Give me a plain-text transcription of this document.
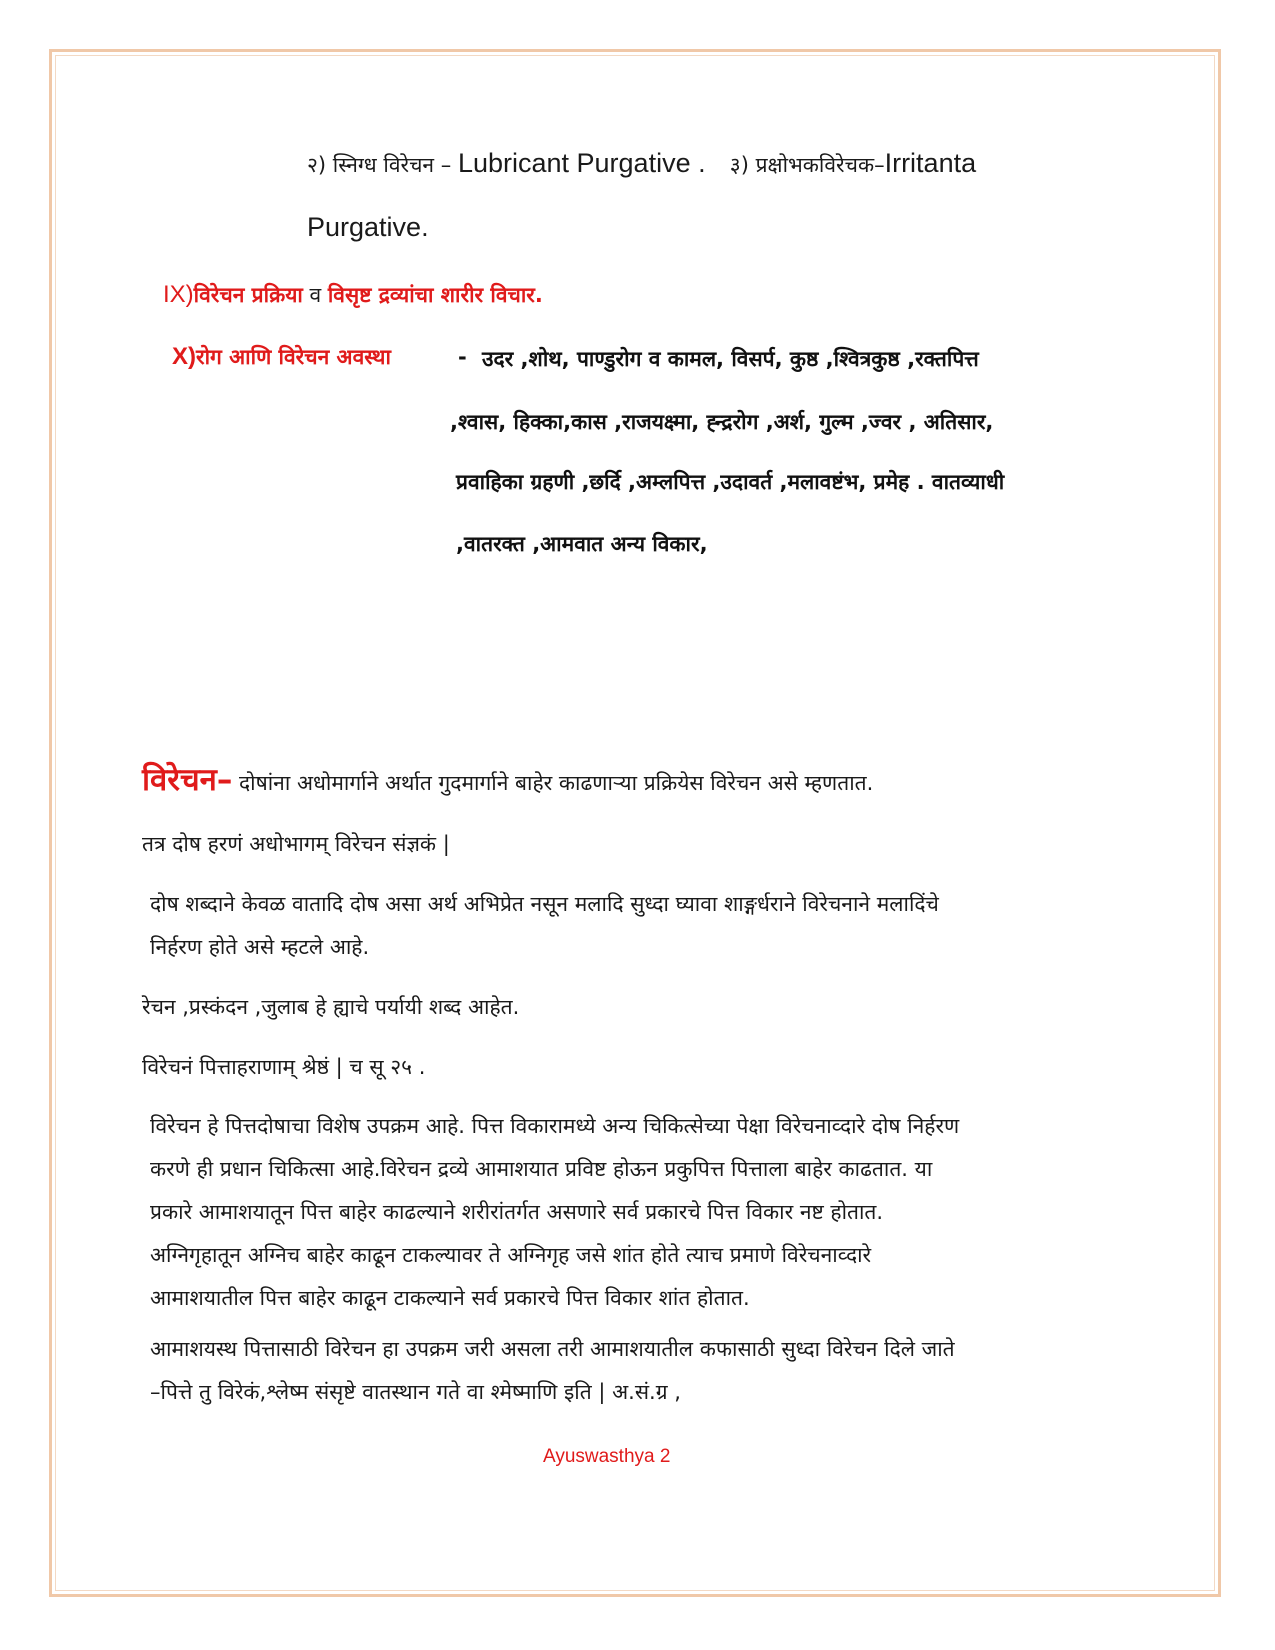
२) स्निग्ध विरेचन – Lubricant Purgative . ३) प्रक्षोभकविरेचक–Irritanta
Purgative.
IX)विरेचन प्रक्रिया व विसृष्ट द्रव्यांचा शारीर विचार.
X)रोग आणि विरेचन अवस्था	- उदर ,शोथ, पाण्डुरोग व कामल, विसर्प, कुष्ठ ,श्वित्रकुष्ठ ,रक्तपित्त
,श्वास, हिक्का,कास ,राजयक्ष्मा, ह्न्द्ररोग ,अर्श, गुल्म ,ज्वर , अतिसार,
प्रवाहिका ग्रहणी ,छर्दि ,अम्लपित्त ,उदावर्त ,मलावष्टंभ, प्रमेह . वातव्याधी
,वातरक्त ,आमवात अन्य विकार,
विरेचन– दोषांना अधोमार्गाने अर्थात गुदमार्गाने बाहेर काढणाऱ्या प्रक्रियेस विरेचन असे म्हणतात.
तत्र दोष हरणं अधोभागम् विरेचन संज्ञकं |
दोष शब्दाने केवळ वातादि दोष असा अर्थ अभिप्रेत नसून मलादि सुध्दा घ्यावा शाङ्गर्धराने विरेचनाने मलादिंचे
निर्हरण होते असे म्हटले आहे.
रेचन ,प्रस्कंदन ,जुलाब हे ह्याचे पर्यायी शब्द आहेत.
विरेचनं पित्ताहराणाम् श्रेष्ठं | च सू २५ .
विरेचन हे पित्तदोषाचा विशेष उपक्रम आहे. पित्त विकारामध्ये अन्य चिकित्सेच्या पेक्षा विरेचनाव्दारे दोष निर्हरण
करणे ही प्रधान चिकित्सा आहे.विरेचन द्रव्ये आमाशयात प्रविष्ट होऊन प्रकुपित्त पित्ताला बाहेर काढतात. या
प्रकारे आमाशयातून पित्त बाहेर काढल्याने शरीरांतर्गत असणारे सर्व प्रकारचे पित्त विकार नष्ट होतात.
अग्निगृहातून अग्निच बाहेर काढून टाकल्यावर ते अग्निगृह जसे शांत होते त्याच प्रमाणे विरेचनाव्दारे
आमाशयातील पित्त बाहेर काढून टाकल्याने सर्व प्रकारचे पित्त विकार शांत होतात.
आमाशयस्थ पित्तासाठी विरेचन हा उपक्रम जरी असला तरी आमाशयातील कफासाठी सुध्दा विरेचन दिले जाते
–पित्ते तु विरेकं,श्लेष्म संसृष्टे वातस्थान गते वा श्मेष्माणि इति | अ.सं.ग्र ,
Ayuswasthya 2
